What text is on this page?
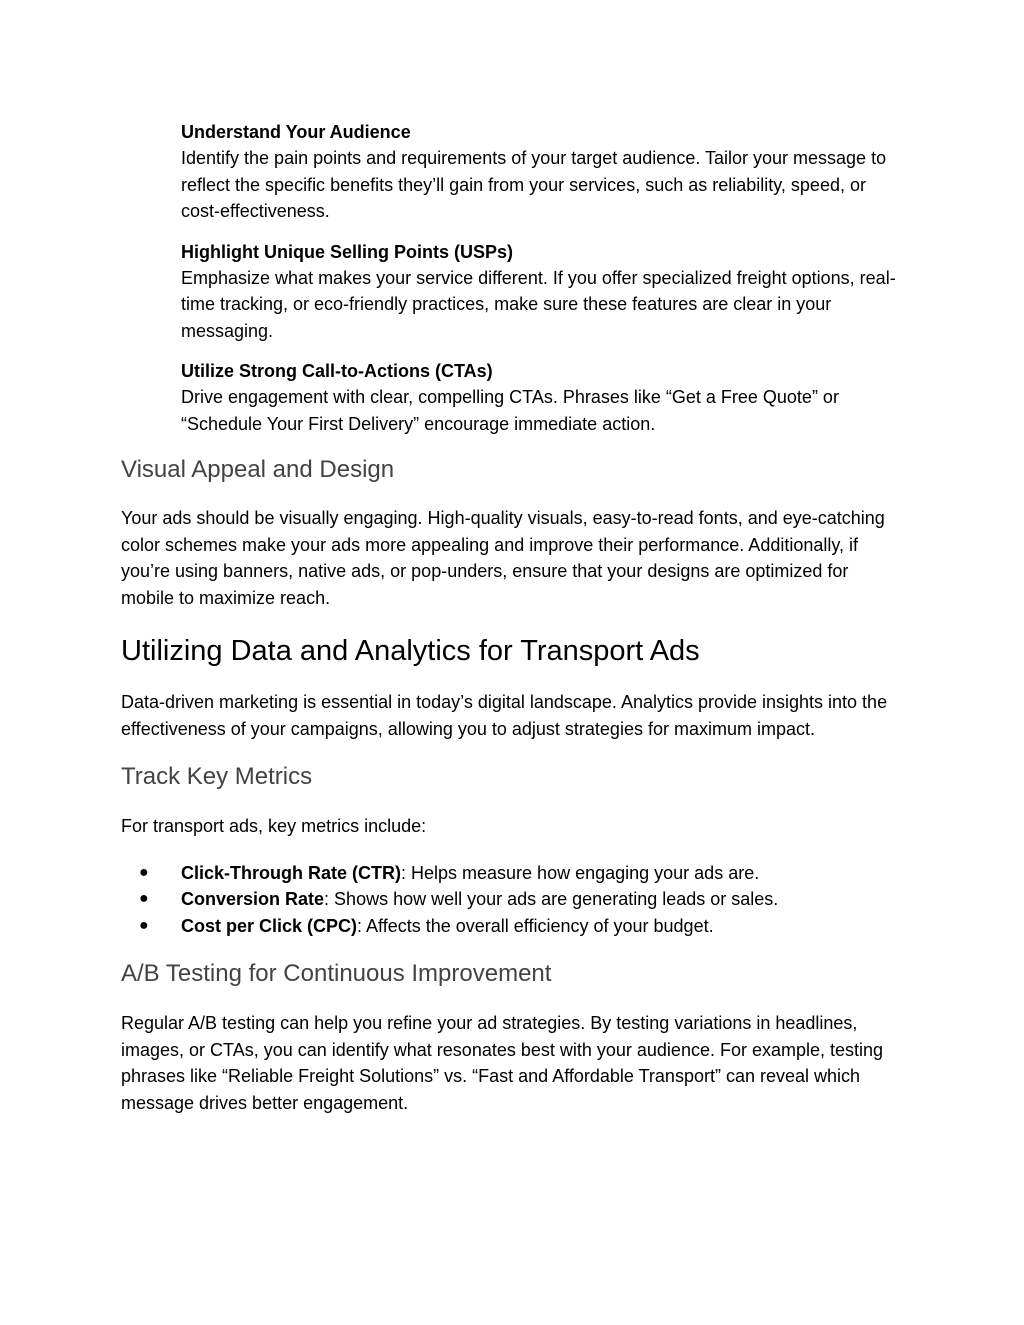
Understand Your Audience
Identify the pain points and requirements of your target audience. Tailor your message to reflect the specific benefits they’ll gain from your services, such as reliability, speed, or cost-effectiveness.
Highlight Unique Selling Points (USPs)
Emphasize what makes your service different. If you offer specialized freight options, real-time tracking, or eco-friendly practices, make sure these features are clear in your messaging.
Utilize Strong Call-to-Actions (CTAs)
Drive engagement with clear, compelling CTAs. Phrases like “Get a Free Quote” or “Schedule Your First Delivery” encourage immediate action.
Visual Appeal and Design

Your ads should be visually engaging. High-quality visuals, easy-to-read fonts, and eye-catching color schemes make your ads more appealing and improve their performance. Additionally, if you’re using banners, native ads, or pop-unders, ensure that your designs are optimized for mobile to maximize reach.

Utilizing Data and Analytics for Transport Ads

Data-driven marketing is essential in today’s digital landscape. Analytics provide insights into the effectiveness of your campaigns, allowing you to adjust strategies for maximum impact.

Track Key Metrics

For transport ads, key metrics include:

● Click-Through Rate (CTR): Helps measure how engaging your ads are.
● Conversion Rate: Shows how well your ads are generating leads or sales.
● Cost per Click (CPC): Affects the overall efficiency of your budget.
A/B Testing for Continuous Improvement

Regular A/B testing can help you refine your ad strategies. By testing variations in headlines, images, or CTAs, you can identify what resonates best with your audience. For example, testing phrases like “Reliable Freight Solutions” vs. “Fast and Affordable Transport” can reveal which message drives better engagement.
